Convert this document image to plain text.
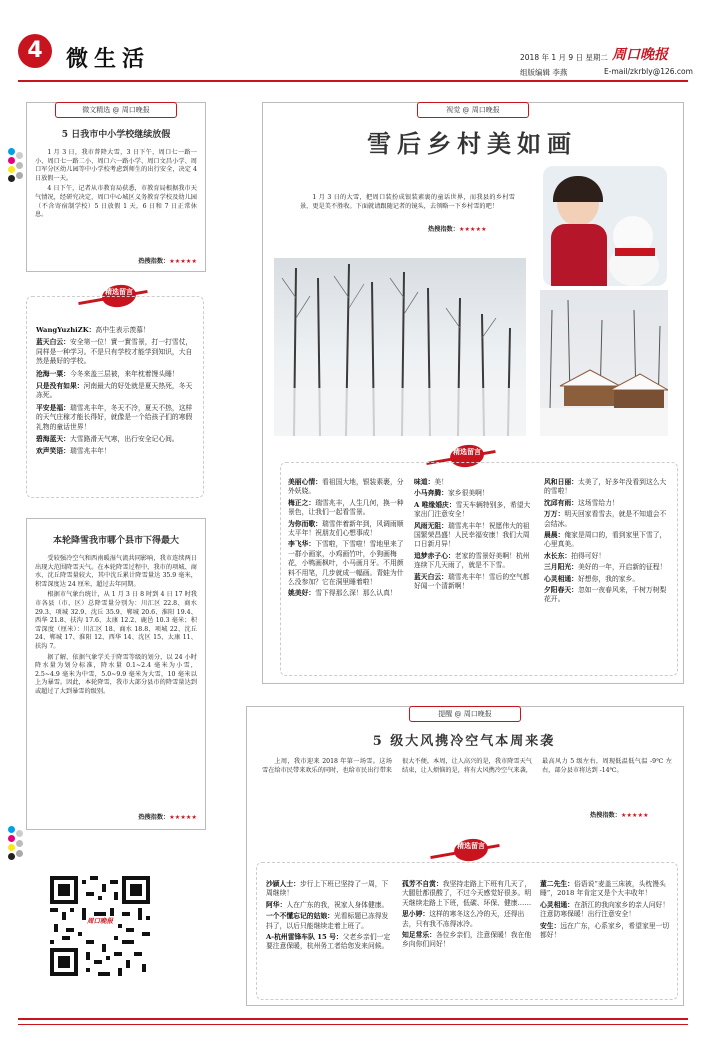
4	微生活	2018 年 1 月 9 日 星期二 周口晚报
组版编辑 李燕	E-mail/zkrbly@126.com
微文精选 @ 周口晚报
5 日我市中小学校继续放假

1 月 3 日，我市普降大雪，3 日下午，周口七一路一小、周口七一路二小、周口六一路小学、周口文昌小学、周口军分区幼儿园等中小学校考虑到师生的出行安全，决定 4 日放假一天。

4 日下午，记者从市教育局获悉，市教育局根据我市天气情况，经研究决定，周口中心城区义务教育学校及幼儿园（不含寄宿制学校）5 日放假 1 天，6 日和 7 日正常休息。

热搜指数：★★★★★
精选留言

WangYuzhiZK：高中生表示羡慕！

蓝天白云：安全第一位！實一實雪景，打一打雪仗，同样是一种学习。不是只有学校才能学到知识，大自然是最好的学校。

沧海一粟：今冬来盖三层被，来年枕着馒头睡！

只是没有如果：河南最大的好处就是夏天热死，冬天冻死。

平安是福：瑞雪兆丰年，冬天不冷，夏天不热，这样的天气庄稼才能长得好，就像是一个给孩子们的寒假礼物的童话世界！

碧海蓝天：大雪路滑天气寒，出行安全记心间。

欢声笑语：瑞雪兆丰年！

本轮降雪我市哪个县市下得最大

受较强冷空气和西南暖湿气流共同影响，我市连续两日出现大范围降雪天气。在本轮降雪过程中，我市的项城、商水、沈丘降雪量较大，其中沈丘累计降雪量达 35.9 毫米，积雪深度达 24 厘米，超过去年同期。

根据市气象台统计，从 1 月 3 日 8 时到 4 日 17 时我市各县（市、区）总降雪量分别为：川汇区 22.8、商水 29.3、项城 32.9、沈丘 35.9、郸城 20.6、淮阳 19.4、西华 21.8、扶沟 17.6、太康 12.2、鹿邑 10.3 毫米；积雪深度（厘米）：川汇区 18、商水 18.8、项城 22、沈丘 24、郸城 17、淮阳 12、西华 14、沈区 15、太康 11、扶沟 7。

据了解，依据气象学关于降雪等级的划分，以 24 小时降水量为划分标准，降水量 0.1~2.4 毫米为小雪，2.5~4.9 毫米为中雪，5.0~9.9 毫米为大雪，10 毫米以上为暴雪。因此，本轮降雪，我市大部分县市的降雪量达到或超过了大到暴雪的级别。

热搜指数：★★★★★
周口晚报
视觉 @ 周口晚报
雪后乡村美如画

1 月 3 日的大雪，把周口装扮成银装素裹的童话世界，而我县的乡村雪景，更是美不胜收。下面就请跟随记者的镜头，去领略一下乡村雪的吧！

热搜指数：★★★★★
精选留言

美丽心情：看祖国大地，银装素裹，分外妖娆。

梅正之：瑞雪兆丰，人生几何，换一种景色，让我们一起看雪景。

为你而歌：瑞雪伴着新年到，风调雨顺太平年！祝朋友们心想事成！

李飞华：下雪啦，下雪啦！雪地里来了一群小画家，小鸡画竹叶，小狗画梅花，小鸭画枫叶，小马画月牙。不用颜料不用笔，几步就成一幅画。青蛙为什么没参加？它在洞里睡着啦！

姚美好：雪下得那么深！那么认真！

味道：美！

小马奔腾：家乡很美啊！

A 唯缘婚庆：雪天车辆特别多，希望大家出门注意安全！

风雨无阻：瑞雪兆丰年！祝愿伟大的祖国繁荣昌盛！人民幸福安康！我们大周口日新月异！

追梦赤子心：老家的雪景好美啊！杭州连续下几天雨了，就是不下雪。

蓝天白云：瑞雪兆丰年！雪后的空气都好闻一个清新啊！

风和日丽：太美了，好多年没看到这么大的雪啦！

沈邱有雨：这场雪给力！

万万：明天回家看雪去，就是不知道会不会结冰。

晨晨：俺家是周口的，看到家里下雪了，心里真美。

水长东：拍得可好！

三月阳光：美好的一年，开启新的征程！

心灵相通：好想你，我的家乡。

夕阳春天：忽如一夜春风来，千树万树梨花开。

提醒 @ 周口晚报
5 级大风携冷空气本周来袭

上周，我市迎来 2018 年第一场雪。这场雪在给市民带来欢乐的同时，也给市民出行带来很大不便。本周，让人高兴的是，我市降雪天气结束，让人烦恼的是，将有大风携冷空气来袭，最高风力 5 级左右，周现低温低气温 -9℃ 左右，部分县市将达到 -14℃。

热搜指数：★★★★★
精选留言

沙颍人士：步行上下班已坚持了一周，下周继续！

阿华：人在广东的我，祝家人身体健康。

一个不懂忘记的姑娘：光看标题已冻得发抖了，以后只能继续走着上班了。

A-杭州雷锋车队 15 号：父老乡亲们一定要注意保暖，杭州务工者给您发来问候。

孤芳不自赏：我坚持走路上下班有几天了，大腿肚都很酸了，不过今天感觉好很多。明天继续走路上下班，低碳、环保、健康……

思小婷：这样的寒冬这么冷的天，还得出去，只有我不冻得冰冷。

知足常乐：各位乡亲们，注意保暖！我在他乡向你们问好！

董二先生：俗语说“麦盖三床被，头枕馒头睡”，2018 年肯定又是个大丰收年！

心灵相通：在浙江的我向家乡的亲人问好！注意防寒保暖！出行注意安全！

安生：远在广东，心系家乡，希望家里一切都好！
